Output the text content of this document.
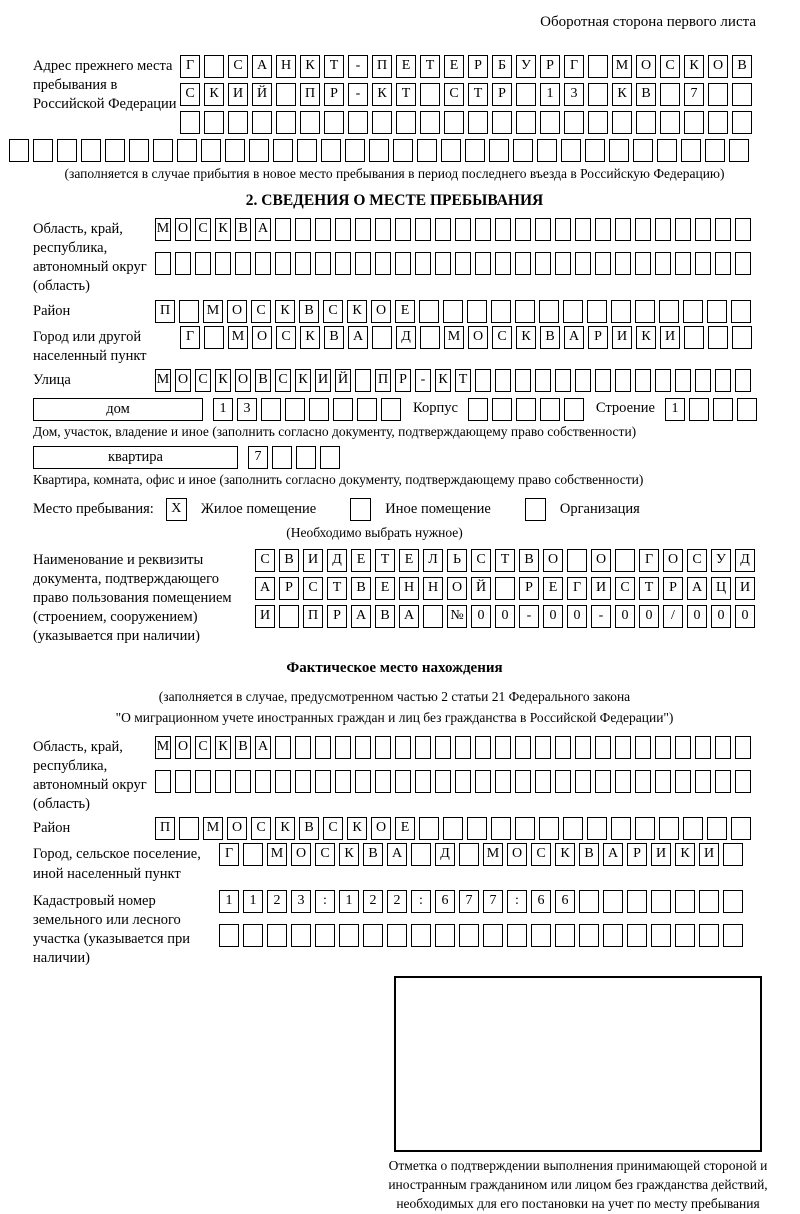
Оборотная сторона первого листа
Адрес прежнего места пребывания в Российской Федерации
Г	С	А Н	К	Т	-	П	Е	Т	Е	Р	Б	У	Р	Г	М О	С	К	О	В
С	К	И Й	П	Р	-	К	Т	С	Т	Р	1	3	К	В	7
(заполняется в случае прибытия в новое место пребывания в период последнего въезда в Российскую Федерацию)
2. СВЕДЕНИЯ О МЕСТЕ ПРЕБЫВАНИЯ
Область, край, республика, автономный округ (область)
М О С К В А
Район	П	М О	С	К	В	С	К	О	Е
Город или другой населенный пункт
Г	М О	С	К	В	А	Д	М О	С	К	В	А	Р	И	К	И
Улица	М О С К О В С К И Й П Р - К Т
дом	1	3	Корпус	Строение	1
Дом, участок, владение и иное (заполнить согласно документу, подтверждающему право собственности)
квартира	7
Квартира, комната, офис и иное (заполнить согласно документу, подтверждающему право собственности)
Место пребывания:	X	Жилое помещение	Иное помещение	Организация
(Необходимо выбрать нужное)
Наименование и реквизиты документа, подтверждающего право пользования помещением (строением, сооружением) (указывается при наличии)
С	В	И	Д	Е	Т	Е	Л	Ь	С	Т	В	О	О	Г	О	С	У	Д
А	Р	С	Т	В	Е	Н Н О Й	Р	Е	Г	И	С	Т	Р	А Ц И
И	П	Р	А	В	А	№ 0	0	-	0	0	-	0	0	/	0	0	0
Фактическое место нахождения
(заполняется в случае, предусмотренном частью 2 статьи 21 Федерального закона
"О миграционном учете иностранных граждан и лиц без гражданства в Российской Федерации")
Область, край, республика, автономный округ (область)
М О С К В А
Район	П	М О	С	К	В	С	К	О	Е
Город, сельское поселение, иной населенный пункт
Г	М О	С	К	В	А	Д	М О	С	К	В	А	Р	И	К	И
Кадастровый номер земельного или лесного участка (указывается при наличии)
1	1	2	3	:	1	2	2	:	6	7	7	:	6	6
Отметка о подтверждении выполнения принимающей стороной и иностранным гражданином или лицом без гражданства действий, необходимых для его постановки на учет по месту пребывания
